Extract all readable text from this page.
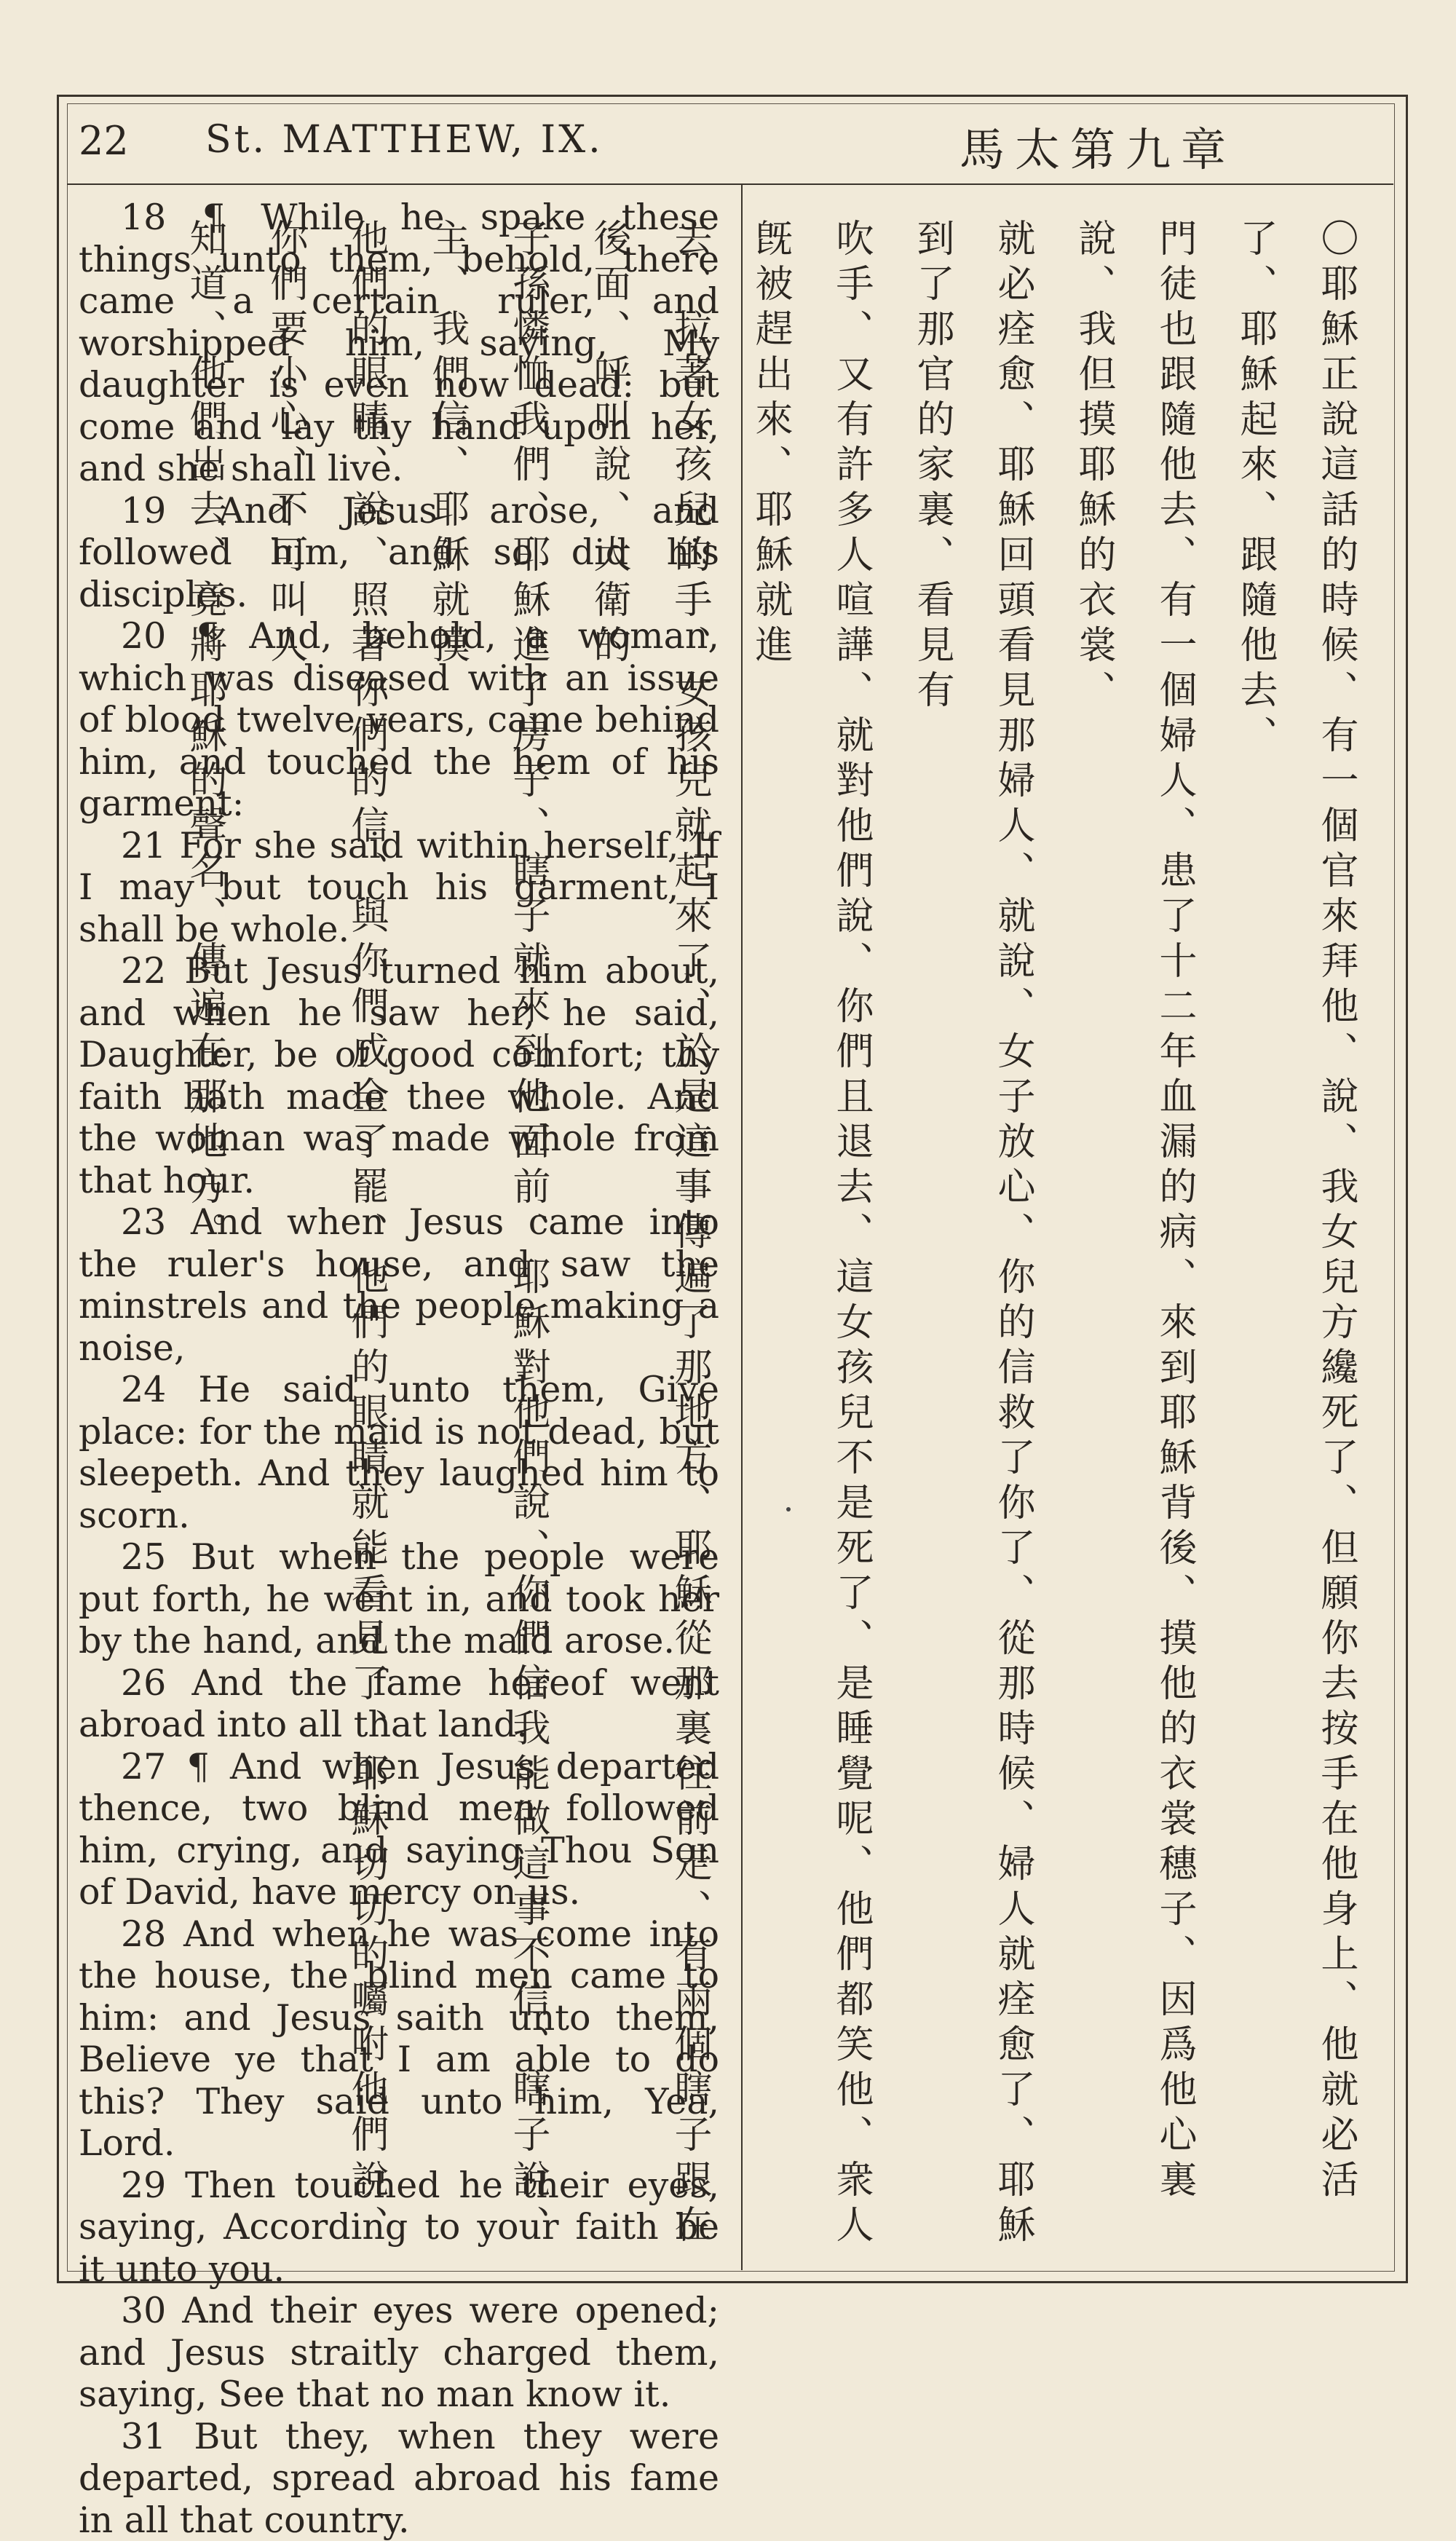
22 St. MATTHEW, IX.	馬太第九章

18 ¶ While he spake these things unto them, behold, there came a certain ruler, and worshipped him, saying, My daughter is even now dead: but come and lay thy hand upon her, and she shall live.

19 And Jesus arose, and followed him, and so did his disciples.

20 ¶ And, behold, a woman, which was diseased with an issue of blood twelve years, came behind him, and touched the hem of his garment:

21 For she said within herself, If I may but touch his garment, I shall be whole.

22 But Jesus turned him about, and when he saw her, he said, Daughter, be of good comfort; thy faith hath made thee whole. And the woman was made whole from that hour.

23 And when Jesus came into the ruler's house, and saw the minstrels and the people making a noise,

24 He said unto them, Give place: for the maid is not dead, but sleepeth. And they laughed him to scorn.

25 But when the people were put forth, he went in, and took her by the hand, and the maid arose.

26 And the fame hereof went abroad into all that land.

27 ¶ And when Jesus departed thence, two blind men followed him, crying, and saying Thou Son of David, have mercy on us.

28 And when he was come into the house, the blind men came to him: and Jesus saith unto them, Believe ye that I am able to do this? They said unto him, Yea, Lord.

29 Then touched he their eyes, saying, According to your faith be it unto you.

30 And their eyes were opened; and Jesus straitly charged them, saying, See that no man know it.

31 But they, when they were departed, spread abroad his fame in all that country.

〇耶穌正說這話的時候、有一個官來拜他、說、我女兒方纔死了、但願你去按手在他身上、他就必活了、耶穌起來、跟隨他去、
門徒也跟隨他去、有一個婦人、患了十二年血漏的病、來到耶穌背後、摸他的衣裳穗子、因爲他心裏說、我但摸耶穌的衣裳、
就必痊愈、耶穌回頭看見那婦人、就說、女子放心、你的信救了你了、從那時候、婦人就痊愈了、耶穌到了那官的家裏、看見有
吹手、又有許多人喧譁、就對他們說、你們且退去、這女孩兒不是死了、是睡覺呢、他們都笑他、衆人旣被趕出來、耶穌就進
去、拉著女孩兒的手、女孩兒就起來了、於是這事傳遍了那地方、耶穌從那裏往前走、有兩個瞎子跟在後面、呼叫說、大衛的
子孫憐恤我們、耶穌進了房子、瞎子就來到他面前、耶穌對他們說、你們信我能做這事不信、瞎子說、主、我們信、耶穌就摸
他們的眼睛、說、照著你們的信、與你們成全了罷、他們的眼睛就能看見了、耶穌切切的囑咐他們說、你們要小心、不可叫人
知道、他們出去、竟將耶穌的聲名、傳遍在那地方。
